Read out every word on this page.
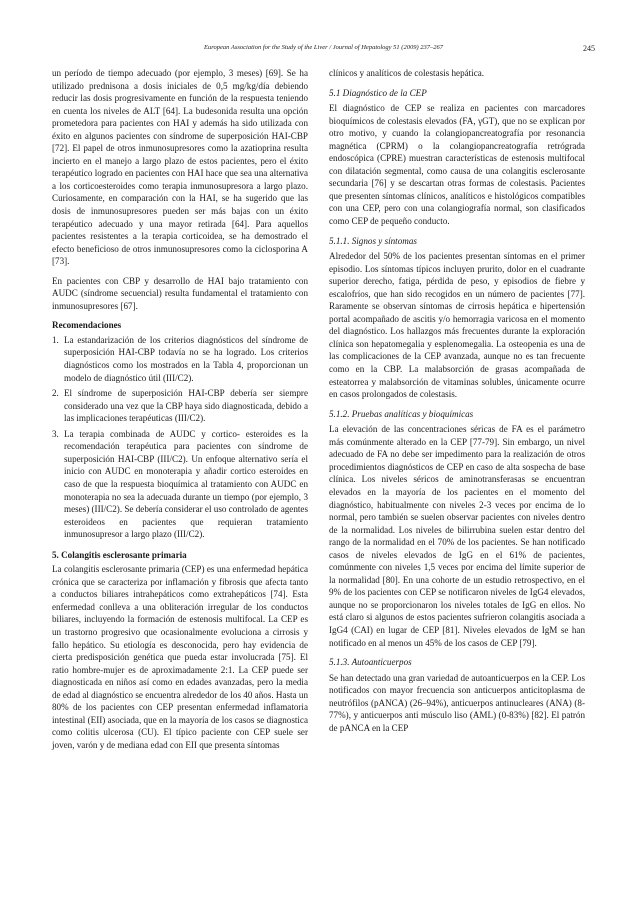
European Association for the Study of the Liver / Journal of Hepatology 51 (2009) 237–267	245

un período de tiempo adecuado (por ejemplo, 3 meses) [69]. Se ha utilizado prednisona a dosis iniciales de 0,5 mg/kg/día debiendo reducir las dosis progresivamente en función de la respuesta teniendo en cuenta los niveles de ALT [64]. La budesonida resulta una opción prometedora para pacientes con HAI y además ha sido utilizada con éxito en algunos pacientes con síndrome de superposición HAI-CBP [72]. El papel de otros inmunosupresores como la azatioprina resulta incierto en el manejo a largo plazo de estos pacientes, pero el éxito terapéutico logrado en pacientes con HAI hace que sea una alternativa a los corticoesteroides como terapia inmunosupresora a largo plazo. Curiosamente, en comparación con la HAI, se ha sugerido que las dosis de inmunosupresores pueden ser más bajas con un éxito terapéutico adecuado y una mayor retirada [64]. Para aquellos pacientes resistentes a la terapia corticoidea, se ha demostrado el efecto beneficioso de otros inmunosupresores como la ciclosporina A [73].

En pacientes con CBP y desarrollo de HAI bajo tratamiento con AUDC (síndrome secuencial) resulta fundamental el tratamiento con inmunosupresores [67].

Recomendaciones
1. La estandarización de los criterios diagnósticos del síndrome de superposición HAI-CBP todavía no se ha logrado. Los criterios diagnósticos como los mostrados en la Tabla 4, proporcionan un modelo de diagnóstico útil (III/C2).
2. El síndrome de superposición HAI-CBP debería ser siempre considerado una vez que la CBP haya sido diagnosticada, debido a las implicaciones terapéuticas (III/C2).
3. La terapia combinada de AUDC y cortico- esteroides es la recomendación terapéutica para pacientes con síndrome de superposición HAI-CBP (III/C2). Un enfoque alternativo sería el inicio con AUDC en monoterapia y añadir cortico esteroides en caso de que la respuesta bioquímica al tratamiento con AUDC en monoterapia no sea la adecuada durante un tiempo (por ejemplo, 3 meses) (III/C2). Se debería considerar el uso controlado de agentes esteroideos en pacientes que requieran tratamiento inmunosupresor a largo plazo (III/C2).
5. Colangitis esclerosante primaria

La colangitis esclerosante primaria (CEP) es una enfermedad hepática crónica que se caracteriza por inflamación y fibrosis que afecta tanto a conductos biliares intrahepáticos como extrahepáticos [74]. Esta enfermedad conlleva a una obliteración irregular de los conductos biliares, incluyendo la formación de estenosis multifocal. La CEP es un trastorno progresivo que ocasionalmente evoluciona a cirrosis y fallo hepático. Su etiología es desconocida, pero hay evidencia de cierta predisposición genética que pueda estar involucrada [75]. El ratio hombre-mujer es de aproximadamente 2:1. La CEP puede ser diagnosticada en niños así como en edades avanzadas, pero la media de edad al diagnóstico se encuentra alrededor de los 40 años. Hasta un 80% de los pacientes con CEP presentan enfermedad inflamatoria intestinal (EII) asociada, que en la mayoría de los casos se diagnostica como colitis ulcerosa (CU). El típico paciente con CEP suele ser joven, varón y de mediana edad con EII que presenta síntomas

clínicos y analíticos de colestasis hepática.

5.1 Diagnóstico de la CEP

El diagnóstico de CEP se realiza en pacientes con marcadores bioquímicos de colestasis elevados (FA, γGT), que no se explican por otro motivo, y cuando la colangiopancreatografía por resonancia magnética (CPRM) o la colangiopancreatografía retrógrada endoscópica (CPRE) muestran características de estenosis multifocal con dilatación segmental, como causa de una colangitis esclerosante secundaria [76] y se descartan otras formas de colestasis. Pacientes que presenten síntomas clínicos, analíticos e histológicos compatibles con una CEP, pero con una colangiografía normal, son clasificados como CEP de pequeño conducto.

5.1.1. Signos y síntomas

Alrededor del 50% de los pacientes presentan síntomas en el primer episodio. Los síntomas típicos incluyen prurito, dolor en el cuadrante superior derecho, fatiga, pérdida de peso, y episodios de fiebre y escalofríos, que han sido recogidos en un número de pacientes [77]. Raramente se observan síntomas de cirrosis hepática e hipertensión portal acompañado de ascitis y/o hemorragia varicosa en el momento del diagnóstico. Los hallazgos más frecuentes durante la exploración clínica son hepatomegalia y esplenomegalia. La osteopenia es una de las complicaciones de la CEP avanzada, aunque no es tan frecuente como en la CBP. La malabsorción de grasas acompañada de esteatorrea y malabsorción de vitaminas solubles, únicamente ocurre en casos prolongados de colestasis.

5.1.2. Pruebas analíticas y bioquímicas

La elevación de las concentraciones séricas de FA es el parámetro más comúnmente alterado en la CEP [77-79]. Sin embargo, un nivel adecuado de FA no debe ser impedimento para la realización de otros procedimientos diagnósticos de CEP en caso de alta sospecha de base clínica. Los niveles séricos de aminotransferasas se encuentran elevados en la mayoría de los pacientes en el momento del diagnóstico, habitualmente con niveles 2-3 veces por encima de lo normal, pero también se suelen observar pacientes con niveles dentro de la normalidad. Los niveles de bilirrubina suelen estar dentro del rango de la normalidad en el 70% de los pacientes. Se han notificado casos de niveles elevados de IgG en el 61% de pacientes, comúnmente con niveles 1,5 veces por encima del límite superior de la normalidad [80]. En una cohorte de un estudio retrospectivo, en el 9% de los pacientes con CEP se notificaron niveles de IgG4 elevados, aunque no se proporcionaron los niveles totales de IgG en ellos. No está claro si algunos de estos pacientes sufrieron colangitis asociada a IgG4 (CAI) en lugar de CEP [81]. Niveles elevados de IgM se han notificado en al menos un 45% de los casos de CEP [79].

5.1.3. Autoanticuerpos

Se han detectado una gran variedad de autoanticuerpos en la CEP. Los notificados con mayor frecuencia son anticuerpos anticitoplasma de neutrófilos (pANCA) (26–94%), anticuerpos antinucleares (ANA) (8-77%), y anticuerpos anti músculo liso (AML) (0-83%) [82]. El patrón de pANCA en la CEP
